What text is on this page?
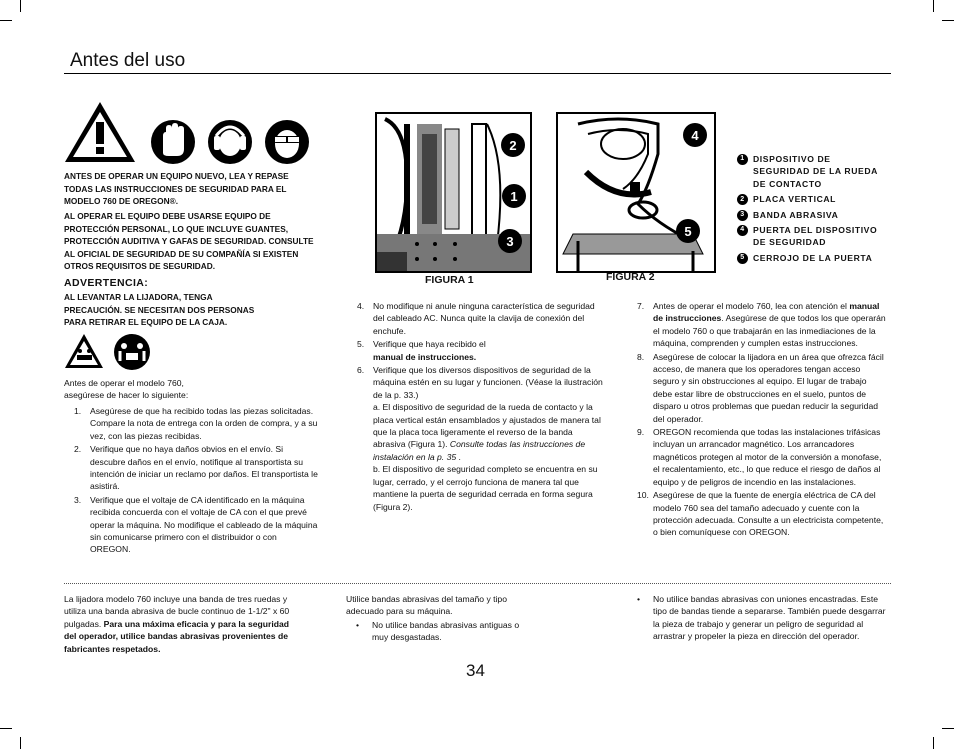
Antes del uso
ANTES DE OPERAR UN EQUIPO NUEVO, LEA Y REPASE TODAS LAS INSTRUCCIONES DE SEGURIDAD PARA EL MODELO 760 DE OREGON®.
AL OPERAR EL EQUIPO DEBE USARSE EQUIPO DE PROTECCIÓN PERSONAL, LO QUE INCLUYE GUANTES, PROTECCIÓN AUDITIVA Y GAFAS DE SEGURIDAD. CONSULTE AL OFICIAL DE SEGURIDAD DE SU COMPAÑÍA SI EXISTEN OTROS REQUISITOS DE SEGURIDAD.
ADVERTENCIA:
AL LEVANTAR LA LIJADORA, TENGA PRECAUCIÓN. SE NECESITAN DOS PERSONAS PARA RETIRAR EL EQUIPO DE LA CAJA.
Antes de operar el modelo 760, asegúrese de hacer lo siguiente:
1.	Asegúrese de que ha recibido todas las piezas solicitadas. Compare la nota de entrega con la orden de compra, y a su vez, con las piezas recibidas.
2.	Verifique que no haya daños obvios en el envío. Si descubre daños en el envío, notifique al transportista su intención de iniciar un reclamo por daños. El transportista le asistirá.
3.	Verifique que el voltaje de CA identificado en la máquina recibida concuerda con el voltaje de CA con el que prevé operar la máquina. No modifique el cableado de la máquina sin comunicarse primero con el distribuidor o con OREGON.
2
1
3
FIGURA 1
4
5
FIGURA 2
1 DISPOSITIVO DE SEGURIDAD DE LA RUEDA DE CONTACTO
2 PLACA VERTICAL
3 BANDA ABRASIVA
4 PUERTA DEL DISPOSITIVO DE SEGURIDAD
5 CERROJO DE LA PUERTA
4.	No modifique ni anule ninguna característica de seguridad del cableado AC. Nunca quite la clavija de conexión del enchufe.
5.	Verifique que haya recibido el
manual de instrucciones.
6.	Verifique que los diversos dispositivos de seguridad de la máquina estén en su lugar y funcionen. (Véase la ilustración de la p. 33.)
a. El dispositivo de seguridad de la rueda de contacto y la placa vertical están ensamblados y ajustados de manera tal que la placa toca ligeramente el reverso de la banda abrasiva (Figura 1). Consulte todas las instrucciones de instalación en la p. 35 .
b. El dispositivo de seguridad completo se encuentra en su lugar, cerrado, y el cerrojo funciona de manera tal que mantiene la puerta de seguridad cerrada en forma segura (Figura 2).
7.	Antes de operar el modelo 760, lea con atención el manual de instrucciones. Asegúrese de que todos los que operarán el modelo 760 o que trabajarán en las inmediaciones de la máquina, comprenden y cumplen estas instrucciones.
8.	Asegúrese de colocar la lijadora en un área que ofrezca fácil acceso, de manera que los operadores tengan acceso seguro y sin obstrucciones al equipo. El lugar de trabajo debe estar libre de obstrucciones en el suelo, puntos de disparo u otros problemas que puedan reducir la seguridad del operador.
9.	OREGON recomienda que todas las instalaciones trifásicas incluyan un arrancador magnético. Los arrancadores magnéticos protegen al motor de la conversión a monofase, el recalentamiento, etc., lo que reduce el riesgo de daños al equipo y de peligros de incendio en las instalaciones.
10. Asegúrese de que la fuente de energía eléctrica de CA del modelo 760 sea del tamaño adecuado y cuente con la protección adecuada. Consulte a un electricista competente, o bien comuníquese con OREGON.
La lijadora modelo 760 incluye una banda de tres ruedas y utiliza una banda abrasiva de bucle continuo de 1-1/2" x 60 pulgadas. Para una máxima eficacia y para la seguridad del operador, utilice bandas abrasivas provenientes de fabricantes respetados.
Utilice bandas abrasivas del tamaño y tipo adecuado para su máquina.
•	No utilice bandas abrasivas antiguas o muy desgastadas.
•	No utilice bandas abrasivas con uniones encastradas. Este tipo de bandas tiende a separarse. También puede desgarrar la pieza de trabajo y generar un peligro de seguridad al arrastrar y propeler la pieza en dirección del operador.
34
